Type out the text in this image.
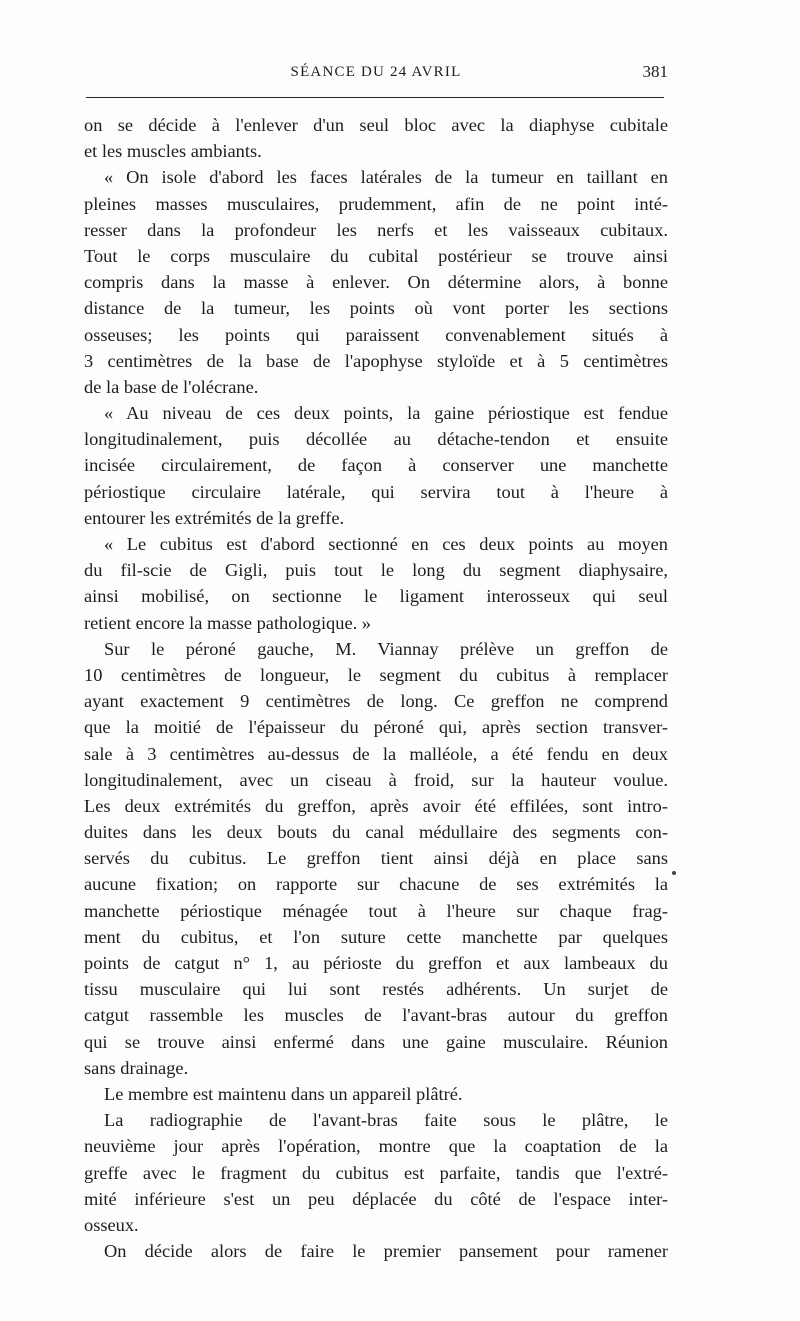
SÉANCE DU 24 AVRIL	381
on se décide à l'enlever d'un seul bloc avec la diaphyse cubitale
et les muscles ambiants.
« On isole d'abord les faces latérales de la tumeur en taillant en
pleines masses musculaires, prudemment, afin de ne point inté-
resser dans la profondeur les nerfs et les vaisseaux cubitaux.
Tout le corps musculaire du cubital postérieur se trouve ainsi
compris dans la masse à enlever. On détermine alors, à bonne
distance de la tumeur, les points où vont porter les sections
osseuses; les points qui paraissent convenablement situés à
3 centimètres de la base de l'apophyse styloïde et à 5 centimètres
de la base de l'olécrane.
« Au niveau de ces deux points, la gaine périostique est fendue
longitudinalement, puis décollée au détache-tendon et ensuite
incisée circulairement, de façon à conserver une manchette
périostique circulaire latérale, qui servira tout à l'heure à
entourer les extrémités de la greffe.
« Le cubitus est d'abord sectionné en ces deux points au moyen
du fil-scie de Gigli, puis tout le long du segment diaphysaire,
ainsi mobilisé, on sectionne le ligament interosseux qui seul
retient encore la masse pathologique. »
Sur le péroné gauche, M. Viannay prélève un greffon de
10 centimètres de longueur, le segment du cubitus à remplacer
ayant exactement 9 centimètres de long. Ce greffon ne comprend
que la moitié de l'épaisseur du péroné qui, après section transver-
sale à 3 centimètres au-dessus de la malléole, a été fendu en deux
longitudinalement, avec un ciseau à froid, sur la hauteur voulue.
Les deux extrémités du greffon, après avoir été effilées, sont intro-
duites dans les deux bouts du canal médullaire des segments con-
servés du cubitus. Le greffon tient ainsi déjà en place sans
aucune fixation; on rapporte sur chacune de ses extrémités la
manchette périostique ménagée tout à l'heure sur chaque frag-
ment du cubitus, et l'on suture cette manchette par quelques
points de catgut n° 1, au périoste du greffon et aux lambeaux du
tissu musculaire qui lui sont restés adhérents. Un surjet de
catgut rassemble les muscles de l'avant-bras autour du greffon
qui se trouve ainsi enfermé dans une gaine musculaire. Réunion
sans drainage.
Le membre est maintenu dans un appareil plâtré.
La radiographie de l'avant-bras faite sous le plâtre, le
neuvième jour après l'opération, montre que la coaptation de la
greffe avec le fragment du cubitus est parfaite, tandis que l'extré-
mité inférieure s'est un peu déplacée du côté de l'espace inter-
osseux.
On décide alors de faire le premier pansement pour ramener
